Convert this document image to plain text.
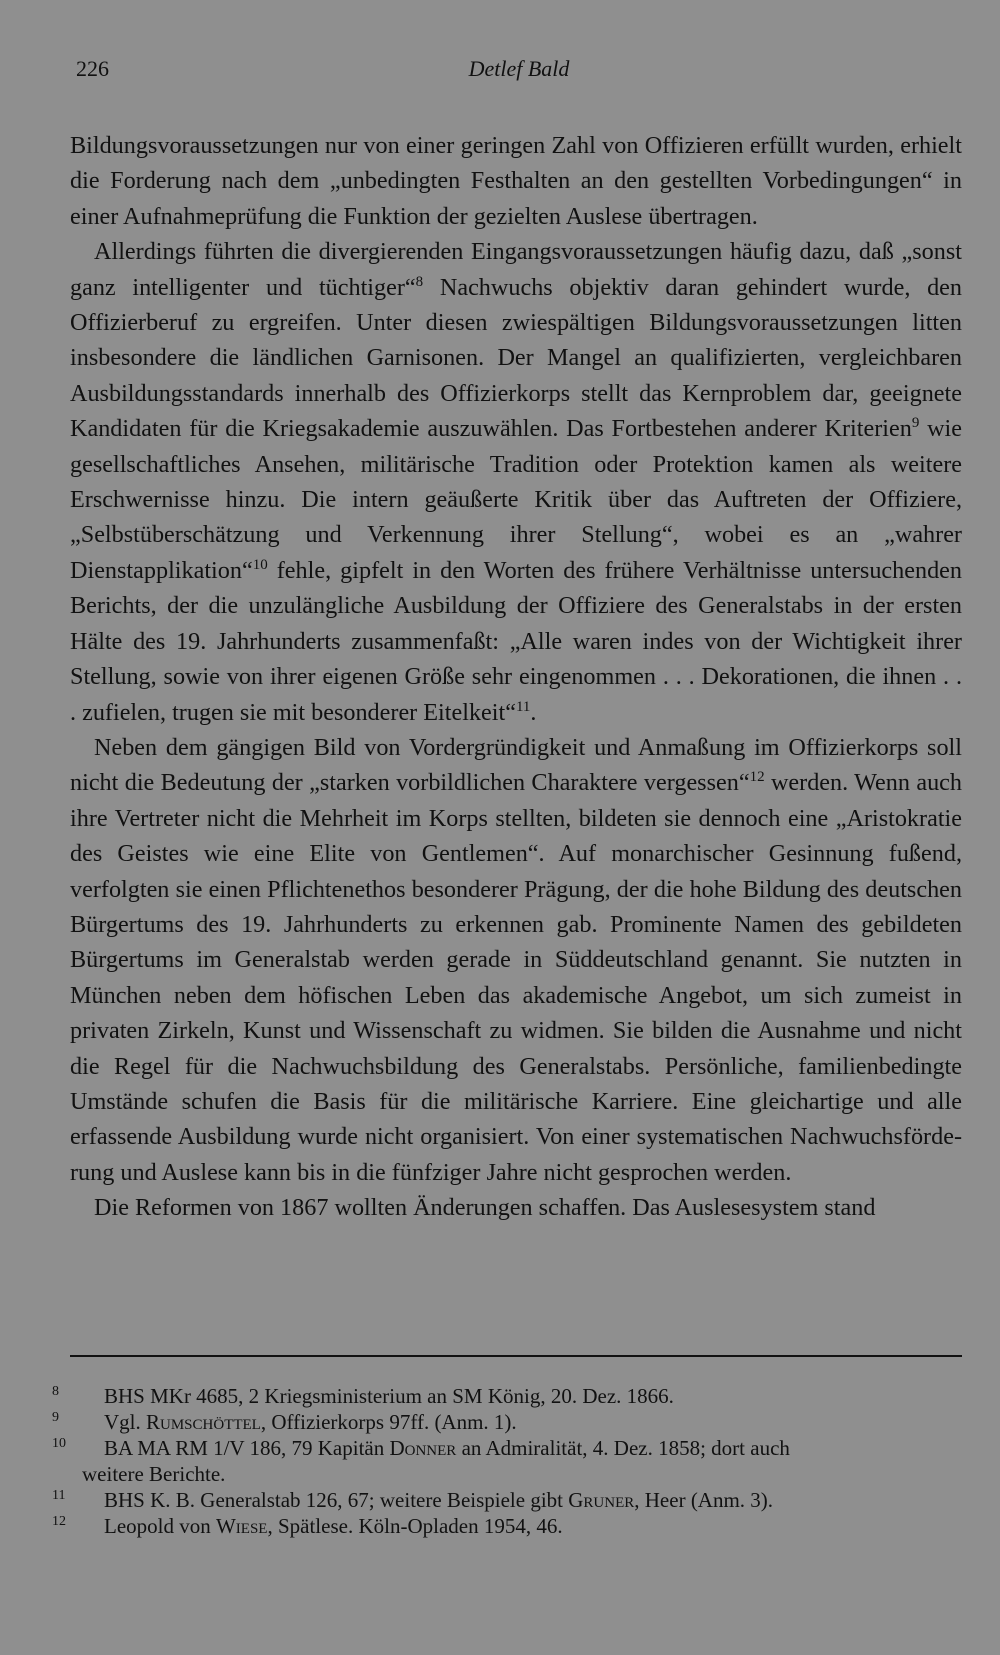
226	Detlef Bald

Bildungsvoraussetzungen nur von einer geringen Zahl von Offizieren erfüllt wurden, erhielt die Forderung nach dem „unbedingten Festhalten an den gestellten Vorbedingungen“ in einer Aufnahmeprüfung die Funktion der gezielten Auslese übertragen.

Allerdings führten die divergierenden Eingangsvoraussetzungen häufig dazu, daß „sonst ganz intelligenter und tüchtiger“$^8$ Nachwuchs objektiv daran gehindert wurde, den Offizierberuf zu ergreifen. Unter diesen zwiespältigen Bildungsvoraussetzungen litten insbesondere die ländlichen Garnisonen. Der Mangel an qualifizierten, vergleichbaren Ausbildungsstandards innerhalb des Offizierkorps stellt das Kernproblem dar, geeignete Kandidaten für die Kriegsakademie auszuwählen. Das Fortbestehen anderer Kriterien$^9$ wie gesellschaftliches Ansehen, militärische Tradition oder Protektion kamen als weitere Erschwernisse hinzu. Die intern geäußerte Kritik über das Auftreten der Offiziere, „Selbstüberschätzung und Verkennung ihrer Stellung“, wobei es an „wahrer Dienstapplikation“$^{10}$ fehle, gipfelt in den Worten des frühere Verhältnisse untersuchenden Berichts, der die unzulängliche Ausbildung der Offiziere des Generalstabs in der ersten Hälte des 19. Jahrhunderts zusammenfaßt: „Alle waren indes von der Wichtigkeit ihrer Stellung, sowie von ihrer eigenen Größe sehr eingenommen . . . Dekorationen, die ihnen . . . zufielen, trugen sie mit besonderer Eitelkeit“$^{11}$.

Neben dem gängigen Bild von Vordergründigkeit und Anmaßung im Offizierkorps soll nicht die Bedeutung der „starken vorbildlichen Charaktere vergessen“$^{12}$ werden. Wenn auch ihre Vertreter nicht die Mehrheit im Korps stellten, bildeten sie dennoch eine „Aristokratie des Geistes wie eine Elite von Gentlemen“. Auf monarchischer Gesinnung fußend, verfolgten sie einen Pflichtenethos besonderer Prägung, der die hohe Bildung des deutschen Bürgertums des 19. Jahrhunderts zu erkennen gab. Prominente Namen des gebildeten Bürgertums im Generalstab werden gerade in Süddeutschland genannt. Sie nutzten in München neben dem höfischen Leben das akademische Angebot, um sich zumeist in privaten Zirkeln, Kunst und Wissenschaft zu widmen. Sie bilden die Ausnahme und nicht die Regel für die Nachwuchsbildung des Generalstabs. Persönliche, familienbedingte Umstände schufen die Basis für die militärische Karriere. Eine gleichartige und alle erfassende Ausbildung wurde nicht organisiert. Von einer systematischen Nachwuchsförderung und Auslese kann bis in die fünfziger Jahre nicht gesprochen werden.

Die Reformen von 1867 wollten Änderungen schaffen. Das Auslesesystem stand

$^8$ BHS MKr 4685, 2 Kriegsministerium an SM König, 20. Dez. 1866.

$^9$ Vgl. Rumschöttel, Offizierkorps 97ff. (Anm. 1).

$^{10}$ BA MA RM 1/V 186, 79 Kapitän Donner an Admiralität, 4. Dez. 1858; dort auch

weitere Berichte.

$^{11}$ BHS K. B. Generalstab 126, 67; weitere Beispiele gibt Gruner, Heer (Anm. 3).

$^{12}$ Leopold von Wiese, Spätlese. Köln-Opladen 1954, 46.
